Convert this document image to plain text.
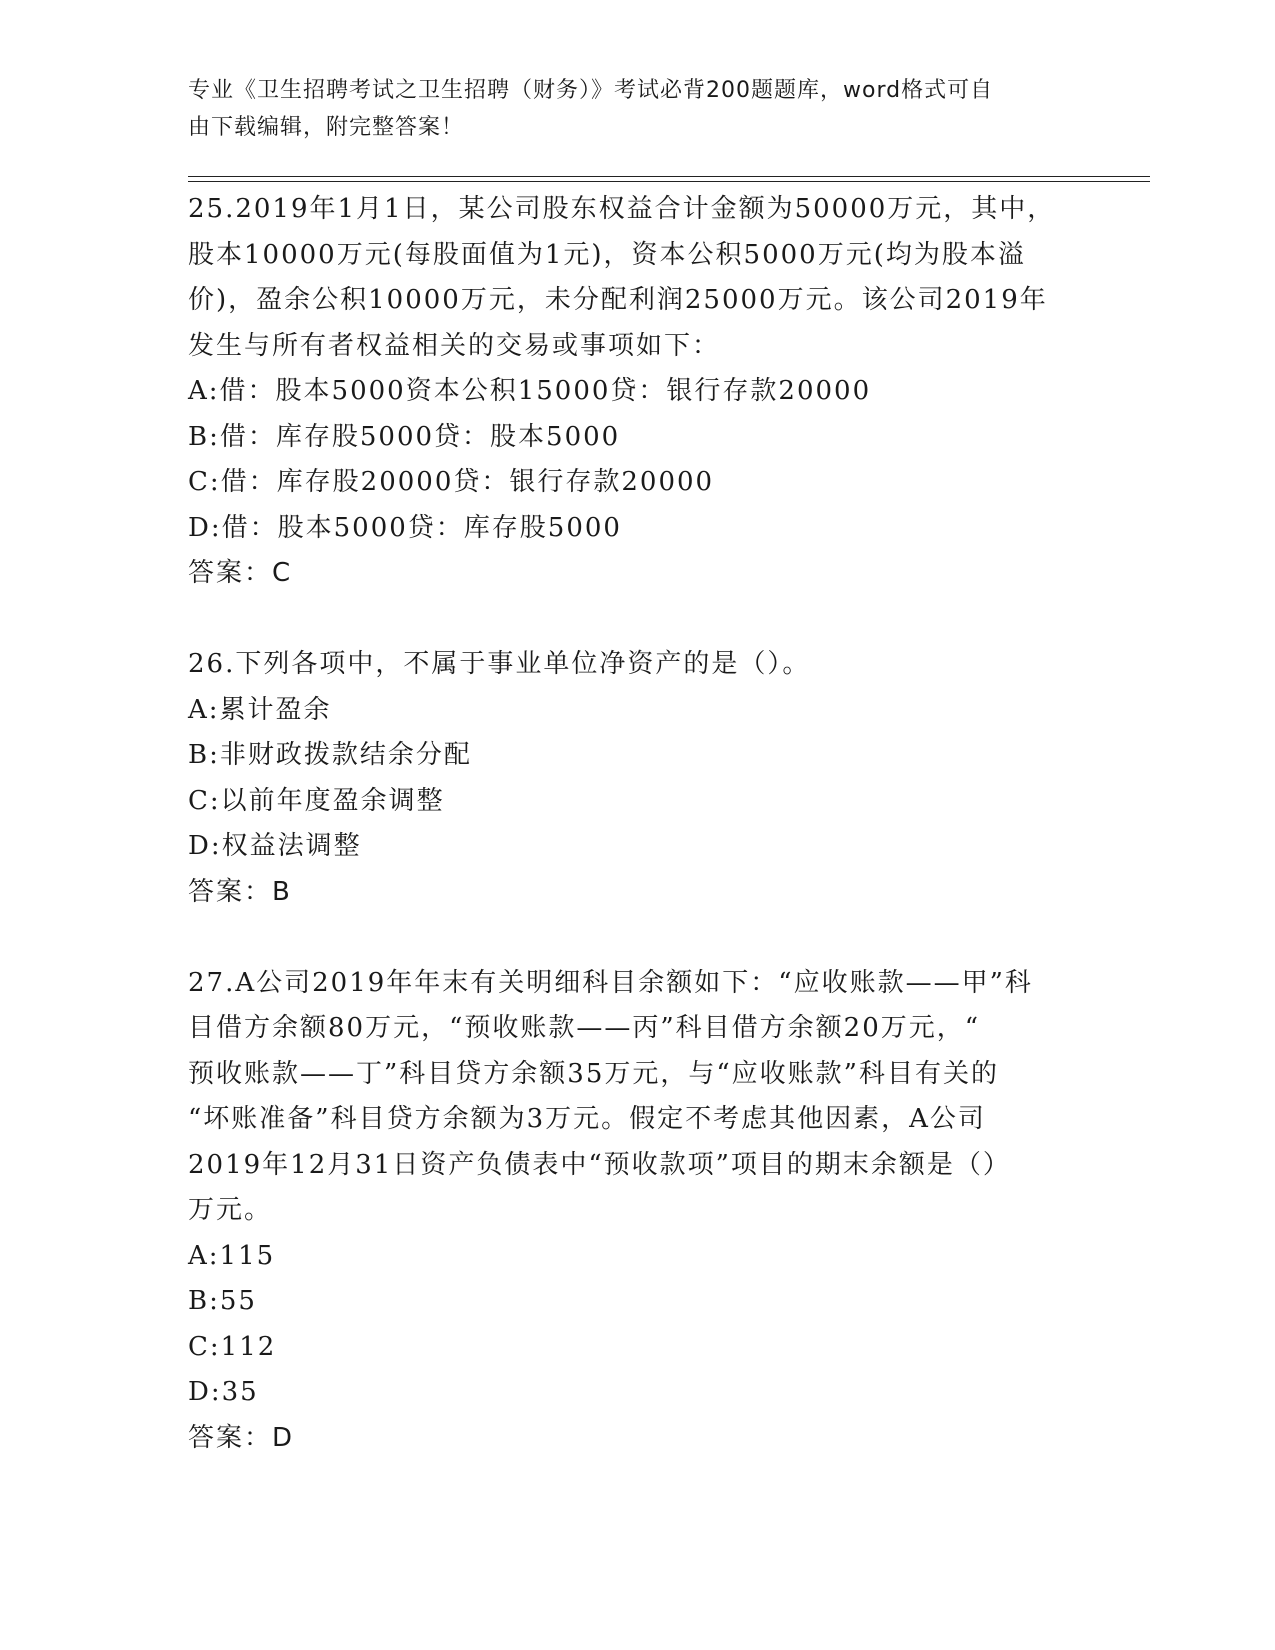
专业《卫生招聘考试之卫生招聘（财务）》考试必背200题题库，word格式可自
由下载编辑，附完整答案！
25.2019年1月1日，某公司股东权益合计金额为50000万元，其中，
股本10000万元(每股面值为1元)，资本公积5000万元(均为股本溢
价)，盈余公积10000万元，未分配利润25000万元。该公司2019年
发生与所有者权益相关的交易或事项如下：
A:借：股本5000资本公积15000贷：银行存款20000
B:借：库存股5000贷：股本5000
C:借：库存股20000贷：银行存款20000
D:借：股本5000贷：库存股5000
答案：C
26.下列各项中，不属于事业单位净资产的是（）。
A:累计盈余
B:非财政拨款结余分配
C:以前年度盈余调整
D:权益法调整
答案：B
27.A公司2019年年末有关明细科目余额如下：“应收账款——甲”科
目借方余额80万元，“预收账款——丙”科目借方余额20万元，“
预收账款——丁”科目贷方余额35万元，与“应收账款”科目有关的
“坏账准备”科目贷方余额为3万元。假定不考虑其他因素，A公司
2019年12月31日资产负债表中“预收款项”项目的期末余额是（）
万元。
A:115
B:55
C:112
D:35
答案：D
